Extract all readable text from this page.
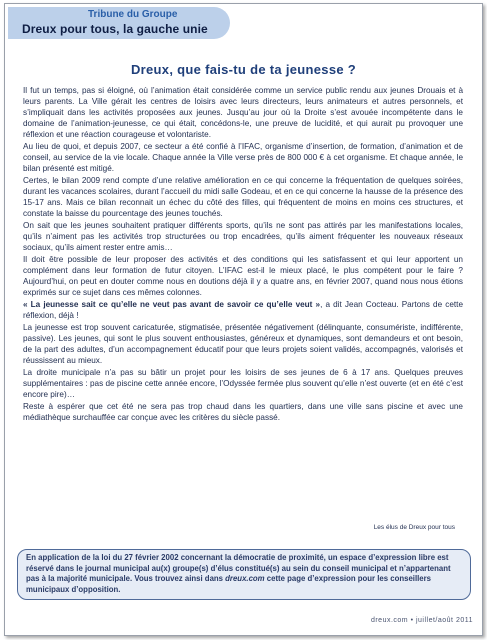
Tribune du Groupe
Dreux pour tous, la gauche unie
Dreux, que fais-tu de ta jeunesse ?

Il fut un temps, pas si éloigné, où l’animation était considérée comme un service public rendu aux jeunes Drouais et à leurs parents. La Ville gérait les centres de loisirs avec leurs directeurs, leurs animateurs et autres personnels, et s’impliquait dans les activités proposées aux jeunes. Jusqu’au jour où la Droite s’est avouée incompétente dans le domaine de l’animation-jeunesse, ce qui était, concédons-le, une preuve de lucidité, et qui aurait pu provoquer une réflexion et une réaction courageuse et volontariste.

Au lieu de quoi, et depuis 2007, ce secteur a été confié à l’IFAC, organisme d’insertion, de formation, d’animation et de conseil, au service de la vie locale. Chaque année la Ville verse près de 800 000 € à cet organisme. Et chaque année, le bilan présenté est mitigé.

Certes, le bilan 2009 rend compte d’une relative amélioration en ce qui concerne la fréquentation de quelques soirées, durant les vacances scolaires, durant l’accueil du midi salle Godeau, et en ce qui concerne la hausse de la présence des 15-17 ans. Mais ce bilan reconnait un échec du côté des filles, qui fréquentent de moins en moins ces structures, et constate la baisse du pourcentage des jeunes touchés.

On sait que les jeunes souhaitent pratiquer différents sports, qu’ils ne sont pas attirés par les manifestations locales, qu’ils n’aiment pas les activités trop structurées ou trop encadrées, qu’ils aiment fréquenter les nouveaux réseaux sociaux, qu’ils aiment rester entre amis…

Il doit être possible de leur proposer des activités et des conditions qui les satisfassent et qui leur apportent un complément dans leur formation de futur citoyen. L’IFAC est-il le mieux placé, le plus compétent pour le faire ? Aujourd’hui, on peut en douter comme nous en doutions déjà il y a quatre ans, en février 2007, quand nous nous étions exprimés sur ce sujet dans ces mêmes colonnes.

« La jeunesse sait ce qu’elle ne veut pas avant de savoir ce qu’elle veut », a dit Jean Cocteau. Partons de cette réflexion, déjà !

La jeunesse est trop souvent caricaturée, stigmatisée, présentée négativement (délinquante, consumériste, indifférente, passive). Les jeunes, qui sont le plus souvent enthousiastes, généreux et dynamiques, sont demandeurs et ont besoin, de la part des adultes, d’un accompagnement éducatif pour que leurs projets soient validés, accompagnés, valorisés et réussissent au mieux.

La droite municipale n’a pas su bâtir un projet pour les loisirs de ses jeunes de 6 à 17 ans. Quelques preuves supplémentaires : pas de piscine cette année encore, l’Odyssée fermée plus souvent qu’elle n’est ouverte (et en été c’est encore pire)…

Reste à espérer que cet été ne sera pas trop chaud dans les quartiers, dans une ville sans piscine et avec une médiathèque surchauffée car conçue avec les critères du siècle passé.

Les élus de Dreux pour tous
En application de la loi du 27 février 2002 concernant la démocratie de proximité, un espace d’expression libre est réservé dans le journal municipal au(x) groupe(s) d’élus constitué(s) au sein du conseil municipal et n’appartenant pas à la majorité municipale. Vous trouvez ainsi dans dreux.com cette page d’expression pour les conseillers municipaux d’opposition.
dreux.com • juillet/août 2011
